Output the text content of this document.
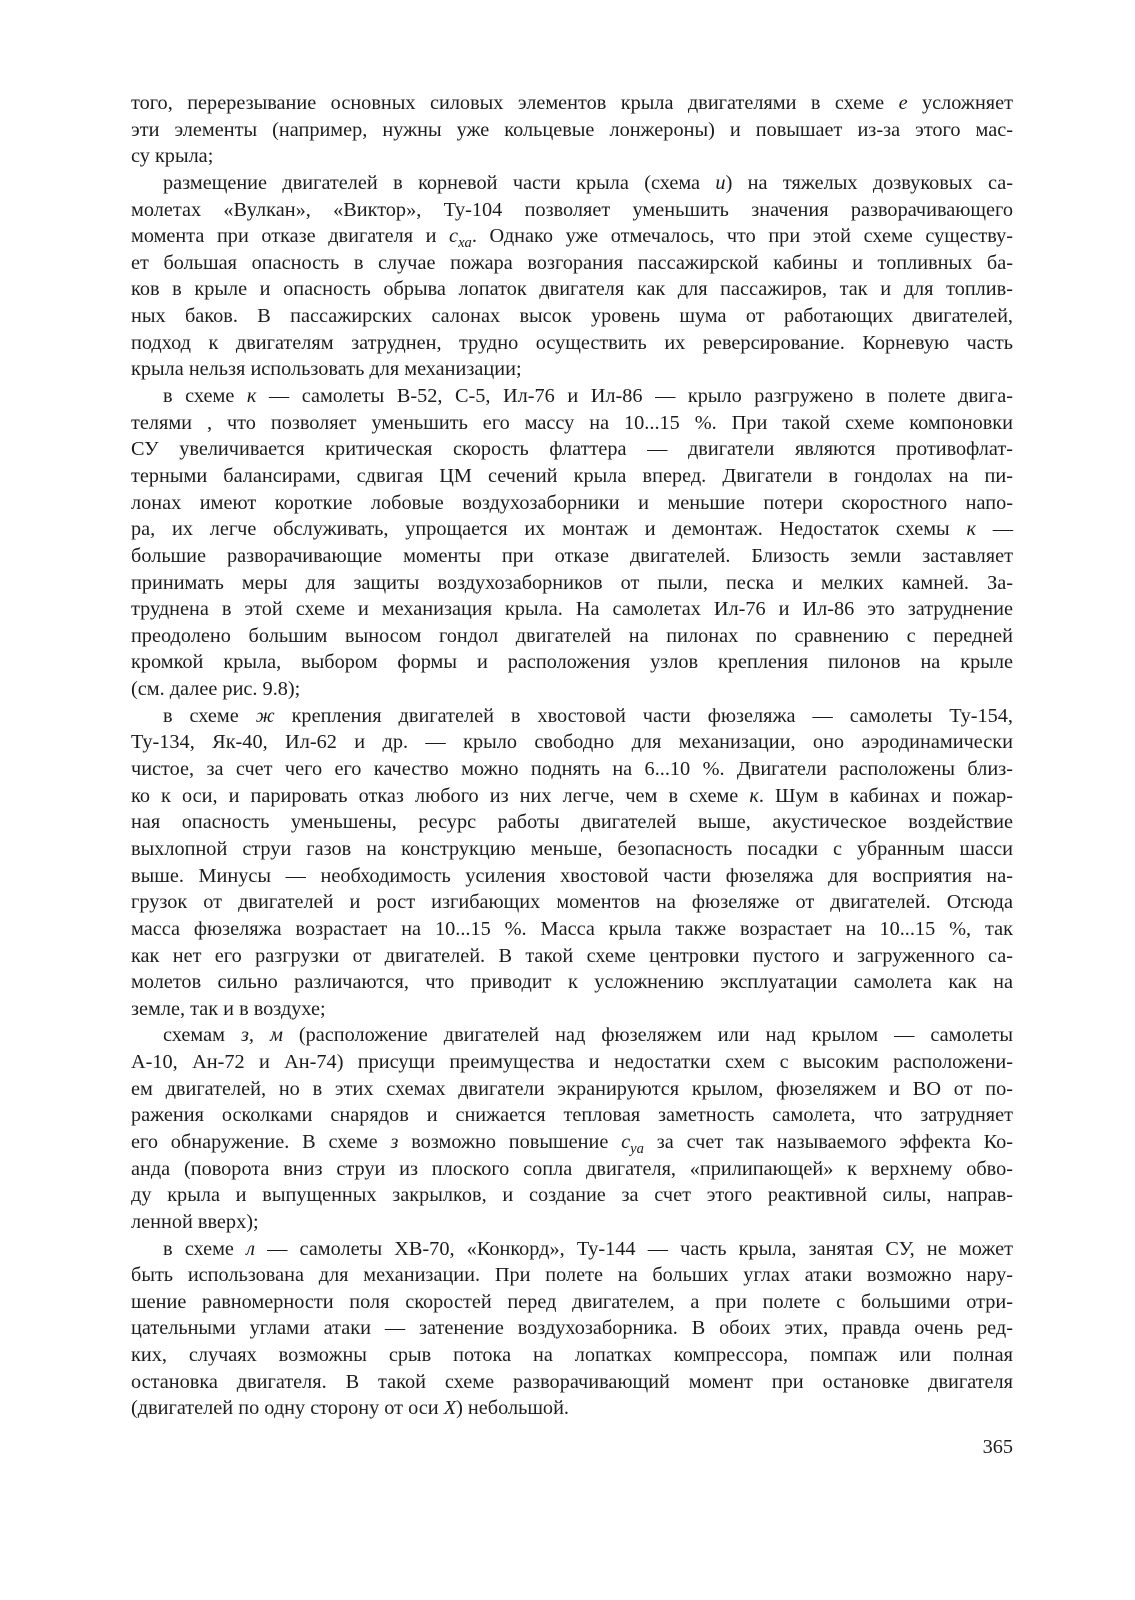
того, перерезывание основных силовых элементов крыла двигателями в схеме е усложняет
эти элементы (например, нужны уже кольцевые лонжероны) и повышает из-за этого мас-
су крыла;
размещение двигателей в корневой части крыла (схема и) на тяжелых дозвуковых са-
молетах «Вулкан», «Виктор», Ту-104 позволяет уменьшить значения разворачивающего
момента при отказе двигателя и $c_{xa}$. Однако уже отмечалось, что при этой схеме существу-
ет большая опасность в случае пожара возгорания пассажирской кабины и топливных ба-
ков в крыле и опасность обрыва лопаток двигателя как для пассажиров, так и для топлив-
ных баков. В пассажирских салонах высок уровень шума от работающих двигателей,
подход к двигателям затруднен, трудно осуществить их реверсирование. Корневую часть
крыла нельзя использовать для механизации;
в схеме к — самолеты В-52, С-5, Ил-76 и Ил-86 — крыло разгружено в полете двига-
телями , что позволяет уменьшить его массу на 10...15 %. При такой схеме компоновки
СУ увеличивается критическая скорость флаттера — двигатели являются противофлат-
терными балансирами, сдвигая ЦМ сечений крыла вперед. Двигатели в гондолах на пи-
лонах имеют короткие лобовые воздухозаборники и меньшие потери скоростного напо-
ра, их легче обслуживать, упрощается их монтаж и демонтаж. Недостаток схемы к —
большие разворачивающие моменты при отказе двигателей. Близость земли заставляет
принимать меры для защиты воздухозаборников от пыли, песка и мелких камней. За-
труднена в этой схеме и механизация крыла. На самолетах Ил-76 и Ил-86 это затруднение
преодолено большим выносом гондол двигателей на пилонах по сравнению с передней
кромкой крыла, выбором формы и расположения узлов крепления пилонов на крыле
(см. далее рис. 9.8);
в схеме ж крепления двигателей в хвостовой части фюзеляжа — самолеты Ту-154,
Ту-134, Як-40, Ил-62 и др. — крыло свободно для механизации, оно аэродинамически
чистое, за счет чего его качество можно поднять на 6...10 %. Двигатели расположены близ-
ко к оси, и парировать отказ любого из них легче, чем в схеме к. Шум в кабинах и пожар-
ная опасность уменьшены, ресурс работы двигателей выше, акустическое воздействие
выхлопной струи газов на конструкцию меньше, безопасность посадки с убранным шасси
выше. Минусы — необходимость усиления хвостовой части фюзеляжа для восприятия на-
грузок от двигателей и рост изгибающих моментов на фюзеляже от двигателей. Отсюда
масса фюзеляжа возрастает на 10...15 %. Масса крыла также возрастает на 10...15 %, так
как нет его разгрузки от двигателей. В такой схеме центровки пустого и загруженного са-
молетов сильно различаются, что приводит к усложнению эксплуатации самолета как на
земле, так и в воздухе;
схемам з, м (расположение двигателей над фюзеляжем или над крылом — самолеты
А-10, Ан-72 и Ан-74) присущи преимущества и недостатки схем с высоким расположени-
ем двигателей, но в этих схемах двигатели экранируются крылом, фюзеляжем и ВО от по-
ражения осколками снарядов и снижается тепловая заметность самолета, что затрудняет
его обнаружение. В схеме з возможно повышение $c_{ya}$ за счет так называемого эффекта Ко-
анда (поворота вниз струи из плоского сопла двигателя, «прилипающей» к верхнему обво-
ду крыла и выпущенных закрылков, и создание за счет этого реактивной силы, направ-
ленной вверх);
в схеме л — самолеты ХВ-70, «Конкорд», Ту-144 — часть крыла, занятая СУ, не может
быть использована для механизации. При полете на больших углах атаки возможно нару-
шение равномерности поля скоростей перед двигателем, а при полете с большими отри-
цательными углами атаки — затенение воздухозаборника. В обоих этих, правда очень ред-
ких, случаях возможны срыв потока на лопатках компрессора, помпаж или полная
остановка двигателя. В такой схеме разворачивающий момент при остановке двигателя
(двигателей по одну сторону от оси X) небольшой.
365
